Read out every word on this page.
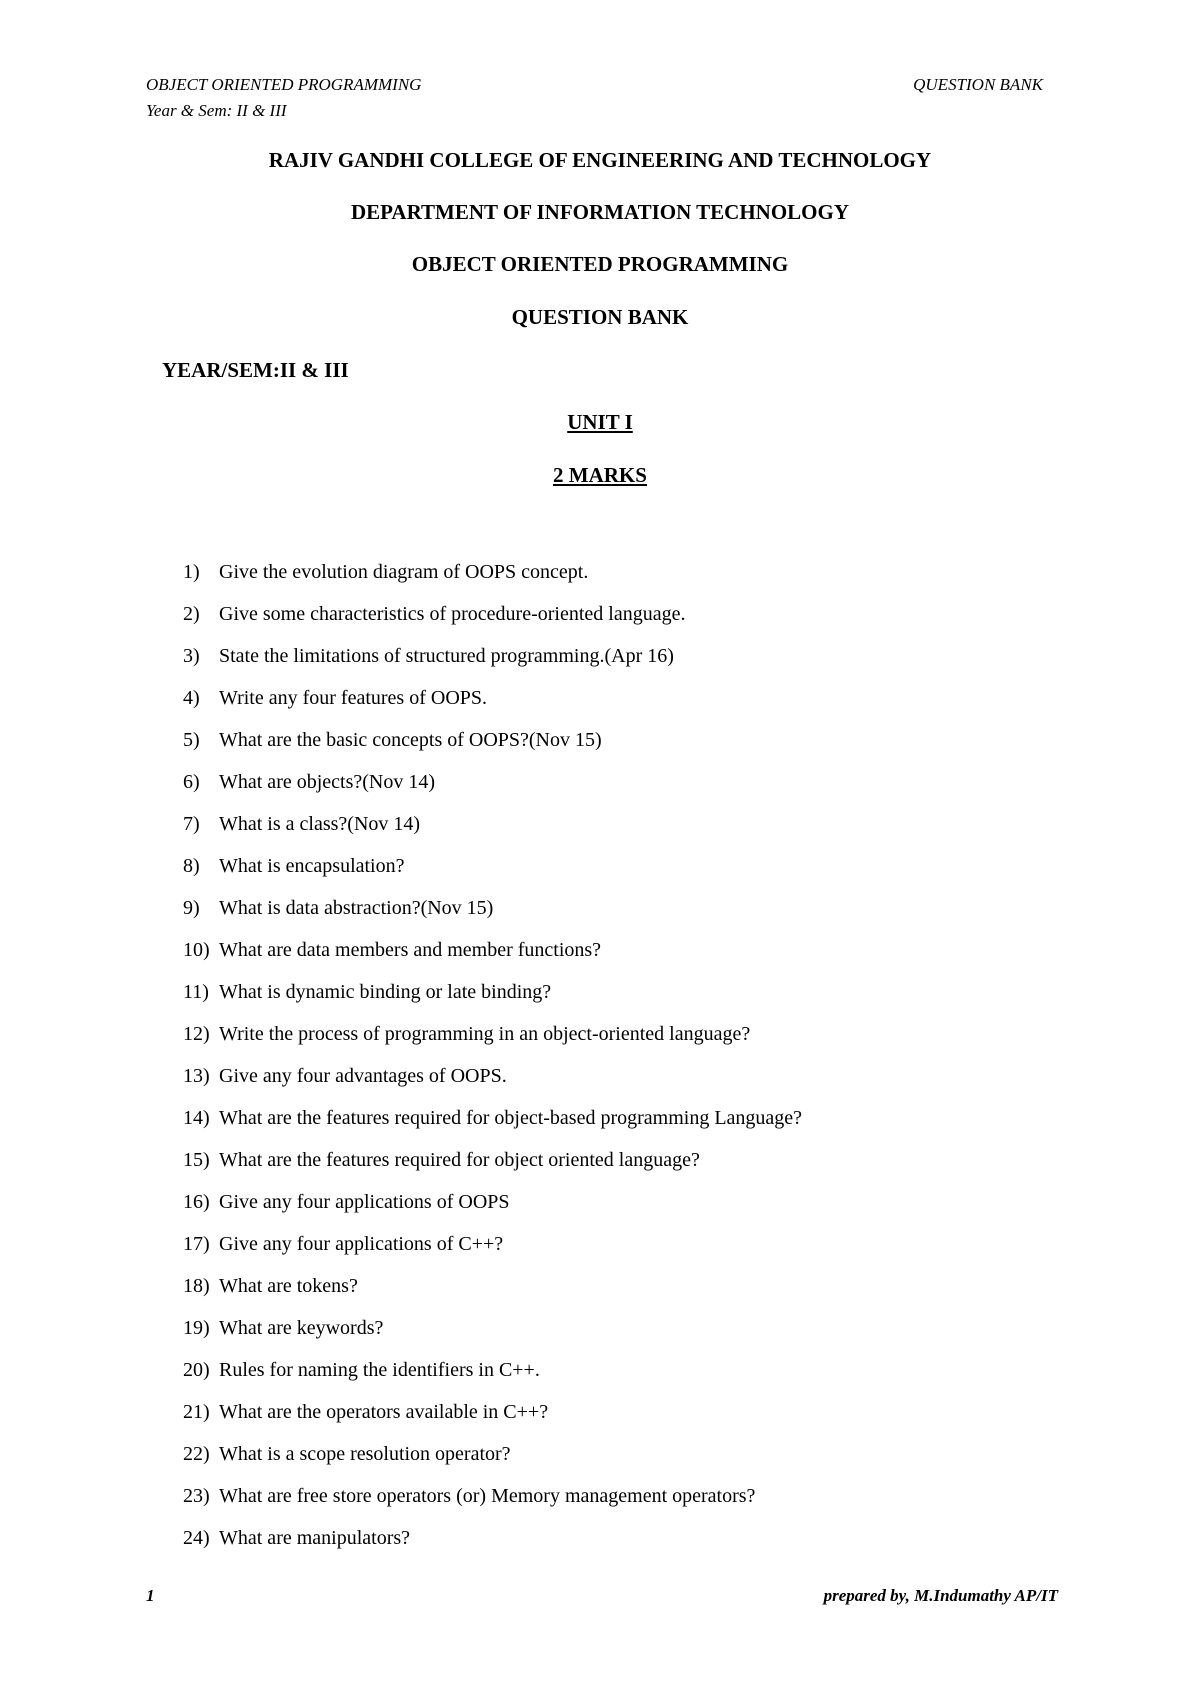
OBJECT ORIENTED PROGRAMMING
Year & Sem: II & III
QUESTION BANK
RAJIV GANDHI COLLEGE OF ENGINEERING AND TECHNOLOGY
DEPARTMENT OF INFORMATION TECHNOLOGY
OBJECT ORIENTED PROGRAMMING
QUESTION BANK
YEAR/SEM:II & III
UNIT I
2 MARKS
1) Give the evolution diagram of OOPS concept.
2) Give some characteristics of procedure-oriented language.
3) State the limitations of structured programming.(Apr 16)
4) Write any four features of OOPS.
5) What are the basic concepts of OOPS?(Nov 15)
6) What are objects?(Nov 14)
7) What is a class?(Nov 14)
8) What is encapsulation?
9) What is data abstraction?(Nov 15)
10) What are data members and member functions?
11) What is dynamic binding or late binding?
12) Write the process of programming in an object-oriented language?
13) Give any four advantages of OOPS.
14) What are the features required for object-based programming Language?
15) What are the features required for object oriented language?
16) Give any four applications of OOPS
17) Give any four applications of C++?
18) What are tokens?
19) What are keywords?
20) Rules for naming the identifiers in C++.
21) What are the operators available in C++?
22) What is a scope resolution operator?
23) What are free store operators (or) Memory management operators?
24) What are manipulators?
1	prepared by, M.Indumathy AP/IT
